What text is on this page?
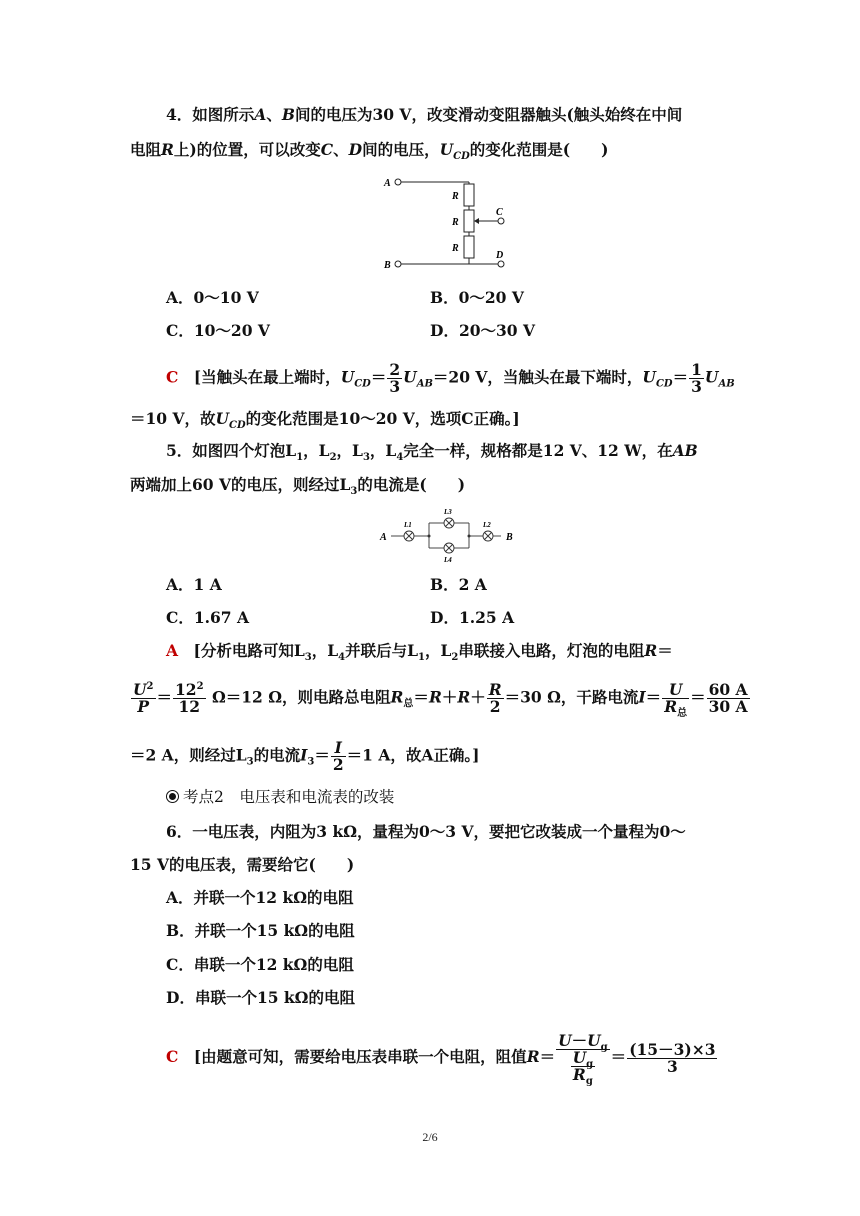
4．如图所示A、B间的电压为30 V，改变滑动变阻器触头(触头始终在中间
电阻R上)的位置，可以改变C、D间的电压，$U_{CD}$的变化范围是(　　)
A
B
C
D
R
R
R
A．0～10 V	B．0～20 V
C．10～20 V	D．20～30 V
C　[当触头在最上端时，$U_{CD}= \frac{2}{3} U_{AB}=20$ V，当触头在最下端时，$U_{CD}= \frac{1}{3} U_{AB}$
＝10 V，故$U_{CD}$的变化范围是10～20 V，选项C正确。]
5．如图四个灯泡$L_1$，$L_2$，$L_3$，$L_4$完全一样，规格都是12 V、12 W，在AB
两端加上60 V的电压，则经过$L_3$的电流是(　　)
A	B
L1
L3
L4
L2
A．1 A	B．2 A
C．1.67 A	D．1.25 A
A　[分析电路可知$L_3$，$L_4$并联后与$L_1$，$L_2$串联接入电路，灯泡的电阻R＝
$\frac{U^2}{P} = \frac{12^2}{12} \Omega=12$ Ω，则电路总电阻$R_总=R+R+ \frac{R}{2} =30$ Ω，干路电流$I= \frac{U}{R_总} = \frac{60 A}{30 A}$
＝2 A，则经过$L_3$的电流$I_3= \frac{I}{2} =1$ A，故A正确。]
考点2　电压表和电流表的改装
6．一电压表，内阻为3 kΩ，量程为0～3 V，要把它改装成一个量程为0～
15 V的电压表，需要给它(　　)
A．并联一个12 kΩ的电阻
B．并联一个15 kΩ的电阻
C．串联一个12 kΩ的电阻
D．串联一个15 kΩ的电阻
C　[由题意可知，需要给电压表串联一个电阻，阻值$R= \frac{U-U_g}{\frac{U_g}{R_g}} = \frac{(15-3)\times 3}{3}$
2/6
